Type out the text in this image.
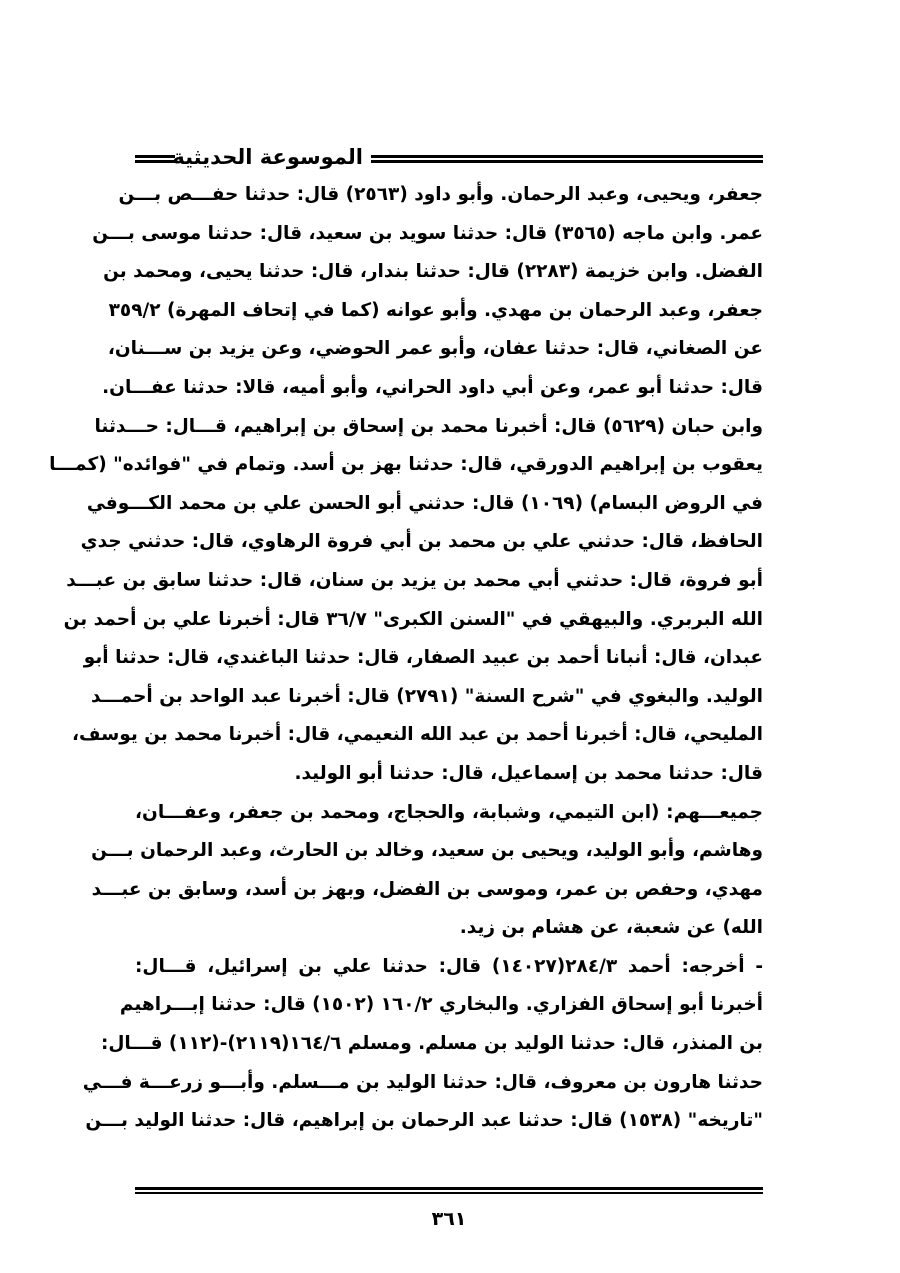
الموسوعة الحديثية
جعفر، ويحيى، وعبد الرحمان. وأبو داود (٢٥٦٣) قال: حدثنا حفـــص بـــن
عمر. وابن ماجه (٣٥٦٥) قال: حدثنا سويد بن سعيد، قال: حدثنا موسى بـــن
الفضل. وابن خزيمة (٢٢٨٣) قال: حدثنا بندار، قال: حدثنا يحيى، ومحمد بن
جعفر، وعبد الرحمان بن مهدي. وأبو عوانه (كما في إتحاف المهرة) ٣٥٩/٢
عن الصغاني، قال: حدثنا عفان، وأبو عمر الحوضي، وعن يزيد بن ســـنان،
قال: حدثنا أبو عمر، وعن أبي داود الحراني، وأبو أميه، قالا: حدثنا عفـــان.
وابن حبان (٥٦٢٩) قال: أخبرنا محمد بن إسحاق بن إبراهيم، قـــال: حـــدثنا
يعقوب بن إبراهيم الدورقي، قال: حدثنا بهز بن أسد. وتمام في "فوائده" (كمـــا
في الروض البسام) (١٠٦٩) قال: حدثني أبو الحسن علي بن محمد الكـــوفي
الحافظ، قال: حدثني علي بن محمد بن أبي فروة الرهاوي، قال: حدثني جدي
أبو فروة، قال: حدثني أبي محمد بن يزيد بن سنان، قال: حدثنا سابق بن عبـــد
الله البربري. والبيهقي في "السنن الكبرى" ٣٦/٧ قال: أخبرنا علي بن أحمد بن
عبدان، قال: أنبانا أحمد بن عبيد الصفار، قال: حدثنا الباغندي، قال: حدثنا أبو
الوليد. والبغوي في "شرح السنة" (٢٧٩١) قال: أخبرنا عبد الواحد بن أحمـــد
المليحي، قال: أخبرنا أحمد بن عبد الله النعيمي، قال: أخبرنا محمد بن يوسف،
قال: حدثنا محمد بن إسماعيل، قال: حدثنا أبو الوليد.
جميعـــهم: (ابن التيمي، وشبابة، والحجاج، ومحمد بن جعفر، وعفـــان،
وهاشم، وأبو الوليد، ويحيى بن سعيد، وخالد بن الحارث، وعبد الرحمان بـــن
مهدي، وحفص بن عمر، وموسى بن الفضل، وبهز بن أسد، وسابق بن عبـــد
الله) عن شعبة، عن هشام بن زيد.
- أخرجه: أحمد ٢٨٤/٣(١٤٠٢٧) قال: حدثنا علي بن إسرائيل، قـــال:
أخبرنا أبو إسحاق الفزاري. والبخاري ١٦٠/٢ (١٥٠٢) قال: حدثنا إبـــراهيم
بن المنذر، قال: حدثنا الوليد بن مسلم. ومسلم ١٦٤/٦(٢١١٩)-(١١٢) قـــال:
حدثنا هارون بن معروف، قال: حدثنا الوليد بن مـــسلم. وأبـــو زرعـــة فـــي
"تاريخه" (١٥٣٨) قال: حدثنا عبد الرحمان بن إبراهيم، قال: حدثنا الوليد بـــن
٣٦١
